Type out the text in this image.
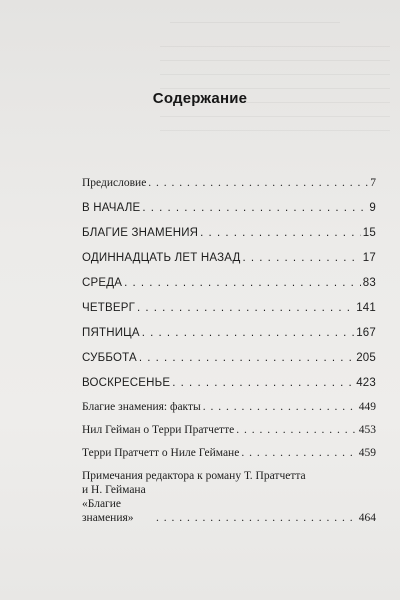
Содержание
Предисловие . . .	7
В НАЧАЛЕ . . .	9
БЛАГИЕ ЗНАМЕНИЯ . . .	15
ОДИННАДЦАТЬ ЛЕТ НАЗАД . . .	17
СРЕДА . . .	83
ЧЕТВЕРГ . . .	141
ПЯТНИЦА . . .	167
СУББОТА . . .	205
ВОСКРЕСЕНЬЕ . . .	423
Благие знамения: факты . . .	449
Нил Гейман о Терри Пратчетте . . .	453
Терри Пратчетт о Ниле Геймане . . .	459
Примечания редактора к роману Т. Пратчетта
и Н. Геймана «Благие знамения» . . .	464
